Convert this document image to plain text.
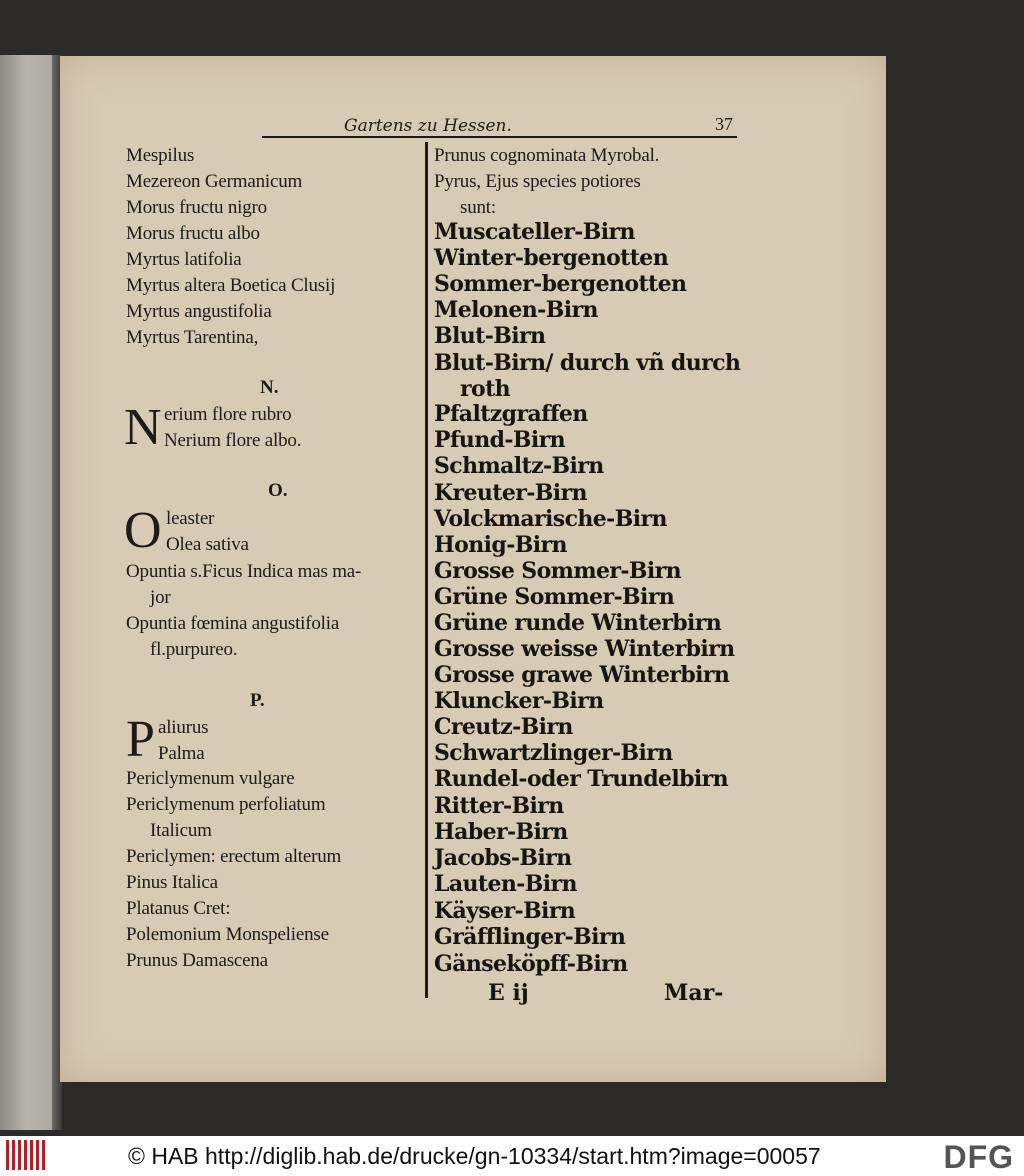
Gartens zu Hessen.	37
Mespilus
Mezereon Germanicum
Morus fructu nigro
Morus fructu albo
Myrtus latifolia
Myrtus altera Boetica Clusij
Myrtus angustifolia
Myrtus Tarentina,
N.
N erium flore rubro
Nerium flore albo.
O.
O leaster
Olea sativa
Opuntia s.Ficus Indica mas ma-
jor
Opuntia fœmina angustifolia
fl.purpureo.
P.
P aliurus
Palma
Periclymenum vulgare
Periclymenum perfoliatum
Italicum
Periclymen: erectum alterum
Pinus Italica
Platanus Cret:
Polemonium Monspeliense
Prunus Damascena
Prunus cognominata Myrobal.
Pyrus, Ejus species potiores
sunt:
Muscateller-Birn
Winter-bergenotten
Sommer-bergenotten
Melonen-Birn
Blut-Birn
Blut-Birn/ durch vñ durch
roth
Pfaltzgraffen
Pfund-Birn
Schmaltz-Birn
Kreuter-Birn
Volckmarische-Birn
Honig-Birn
Grosse Sommer-Birn
Grüne Sommer-Birn
Grüne runde Winterbirn
Grosse weisse Winterbirn
Grosse grawe Winterbirn
Kluncker-Birn
Creutz-Birn
Schwartzlinger-Birn
Rundel-oder Trundelbirn
Ritter-Birn
Haber-Birn
Jacobs-Birn
Lauten-Birn
Käyser-Birn
Gräfflinger-Birn
Gänseköpff-Birn
E ij	Mar-
© HAB http://diglib.hab.de/drucke/gn-10334/start.htm?image=00057	DFG
